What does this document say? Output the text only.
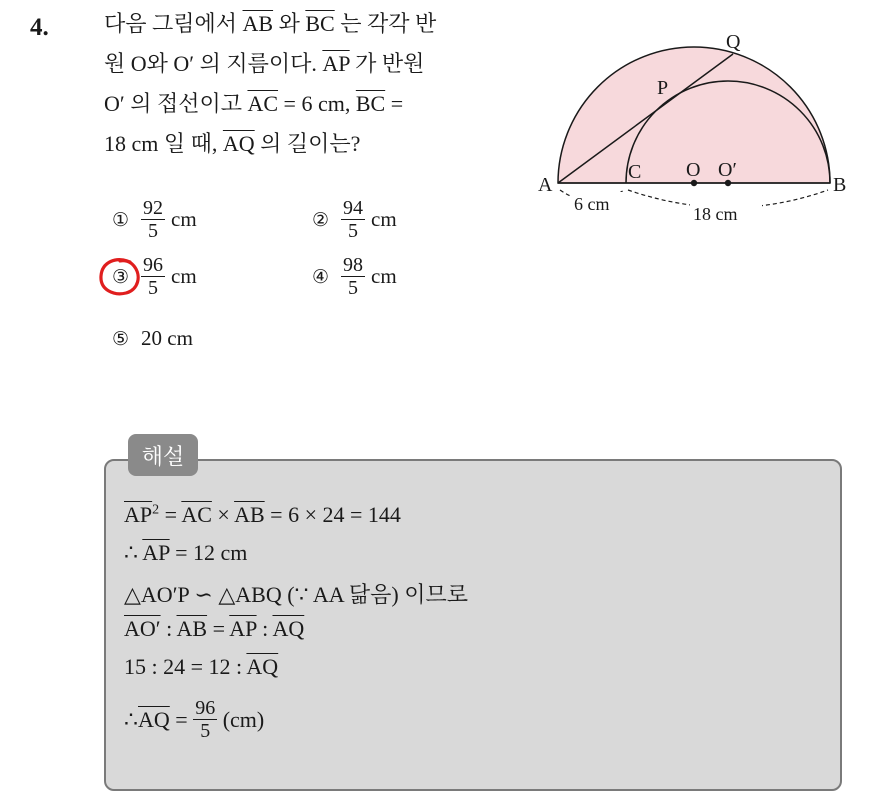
4.	다음 그림에서 $\overline{AB}$ 와 $\overline{BC}$ 는 각각 반
원 O와 O′ 의 지름이다. $\overline{AP}$ 가 반원
O′ 의 접선이고 $\overline{AC} = 6$ cm, $\overline{BC}$ =
18 cm 일 때, $\overline{AQ}$ 의 길이는?
① $\frac{92}{5}$ cm	② $\frac{94}{5}$ cm
③ $\frac{96}{5}$ cm	④ $\frac{98}{5}$ cm
⑤ 20 cm
A	B
C O O′
P
Q
6 cm	18 cm
해설
$\overline{AP}^2 = \overline{AC} \times \overline{AB} = 6 \times 24 = 144$
∴ $\overline{AP} = 12$ cm
△AO′P ∽ △ABQ (∵ AA 닮음) 이므로
AO′ : $\overline{AB} = \overline{AP}$ : $\overline{AQ}$
15 : 24 = 12 : $\overline{AQ}$
∴ $\overline{AQ} = \frac{96}{5} (cm)$
